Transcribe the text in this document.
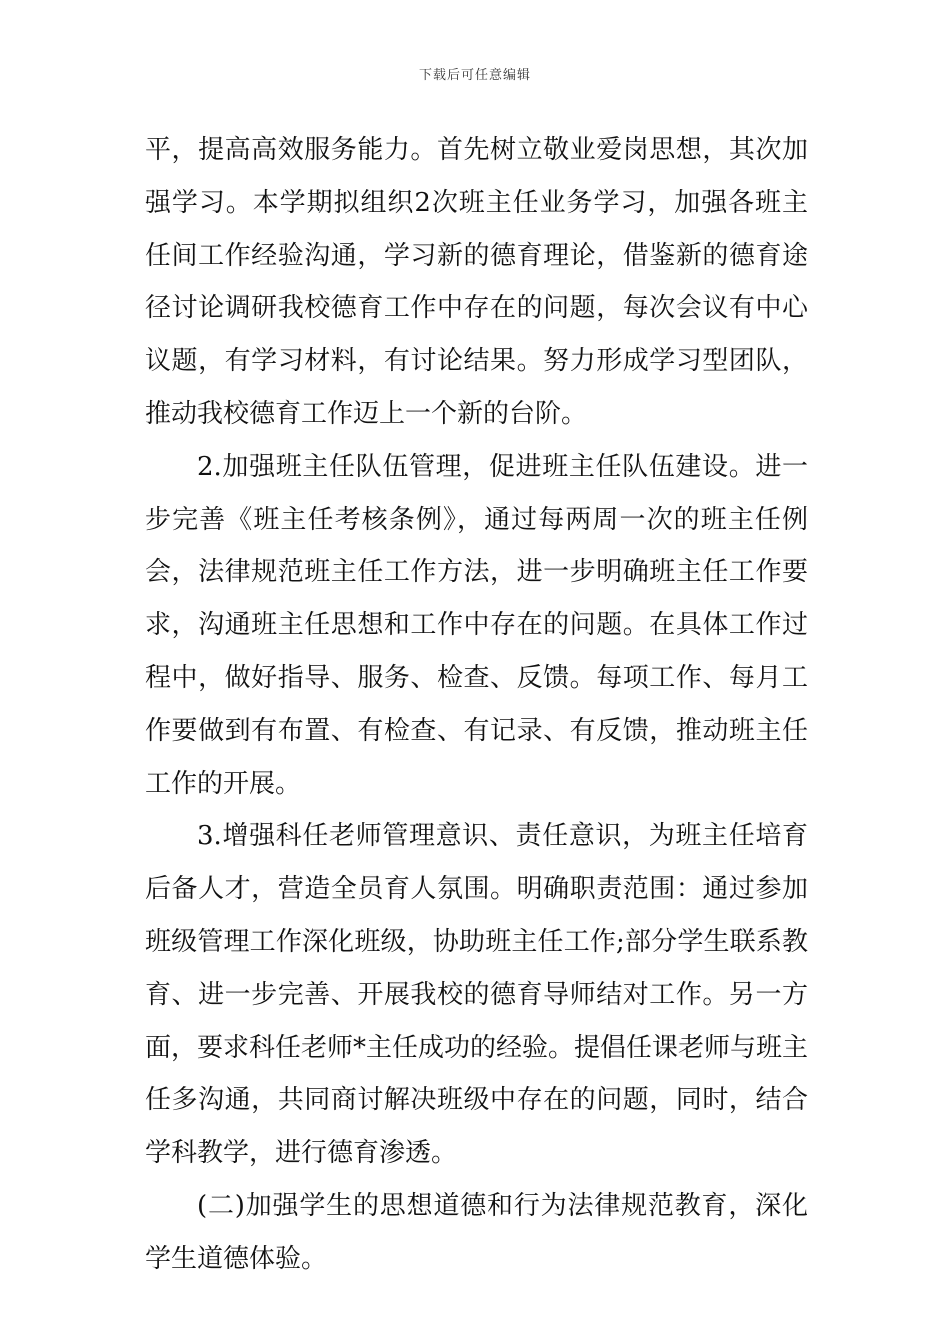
下载后可任意编辑

平，提高高效服务能力。首先树立敬业爱岗思想，其次加强学习。本学期拟组织2次班主任业务学习，加强各班主任间工作经验沟通，学习新的德育理论，借鉴新的德育途径讨论调研我校德育工作中存在的问题，每次会议有中心议题，有学习材料，有讨论结果。努力形成学习型团队，推动我校德育工作迈上一个新的台阶。

2.加强班主任队伍管理，促进班主任队伍建设。进一步完善《班主任考核条例》，通过每两周一次的班主任例会，法律规范班主任工作方法，进一步明确班主任工作要求，沟通班主任思想和工作中存在的问题。在具体工作过程中，做好指导、服务、检查、反馈。每项工作、每月工作要做到有布置、有检查、有记录、有反馈，推动班主任工作的开展。

3.增强科任老师管理意识、责任意识，为班主任培育后备人才，营造全员育人氛围。明确职责范围：通过参加班级管理工作深化班级，协助班主任工作;部分学生联系教育、进一步完善、开展我校的德育导师结对工作。另一方面，要求科任老师*主任成功的经验。提倡任课老师与班主任多沟通，共同商讨解决班级中存在的问题，同时，结合学科教学，进行德育渗透。

(二)加强学生的思想道德和行为法律规范教育，深化学生道德体验。
